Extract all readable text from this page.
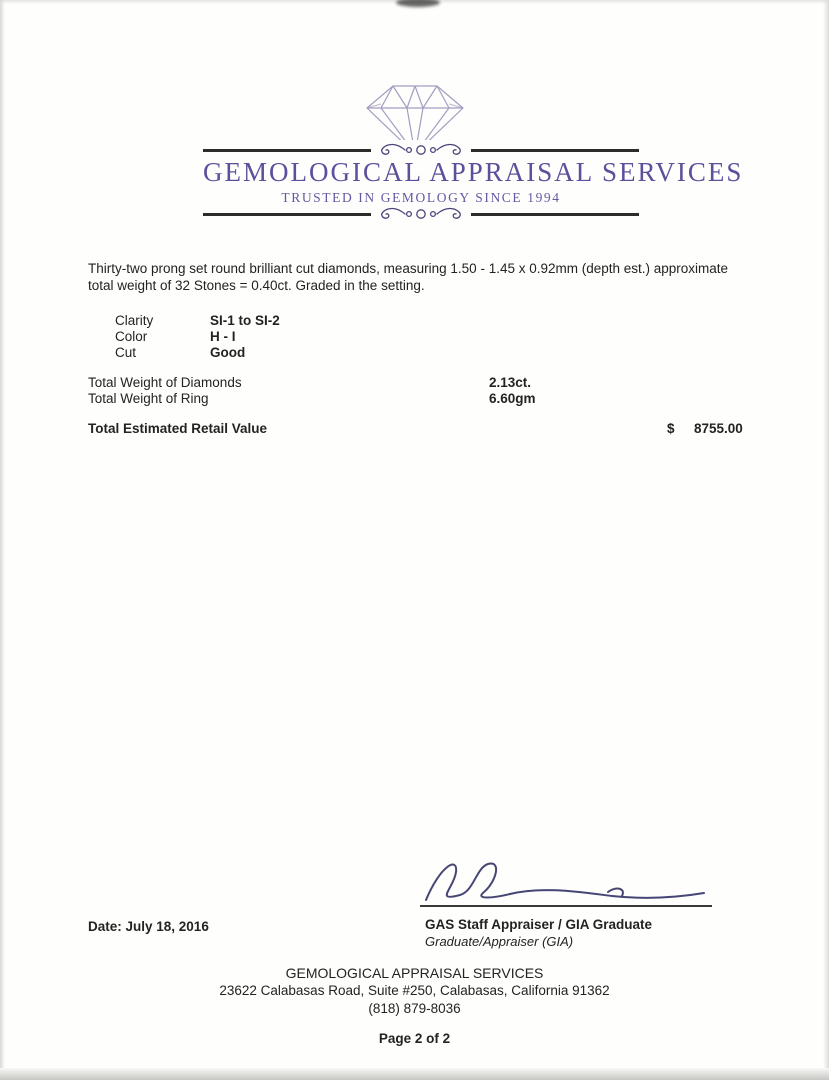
GEMOLOGICAL APPRAISAL SERVICES
TRUSTED IN GEMOLOGY SINCE 1994
Thirty-two prong set round brilliant cut diamonds, measuring 1.50 - 1.45 x 0.92mm (depth est.) approximate total weight of 32 Stones = 0.40ct. Graded in the setting.
Clarity	SI-1 to SI-2
Color	H - I
Cut	Good
Total Weight of Diamonds	2.13ct.
Total Weight of Ring	6.60gm
Total Estimated Retail Value	$ 8755.00
Date: July 18, 2016	GAS Staff Appraiser / GIA Graduate
Graduate/Appraiser (GIA)
GEMOLOGICAL APPRAISAL SERVICES
23622 Calabasas Road, Suite #250, Calabasas, California 91362
(818) 879-8036
Page 2 of 2
